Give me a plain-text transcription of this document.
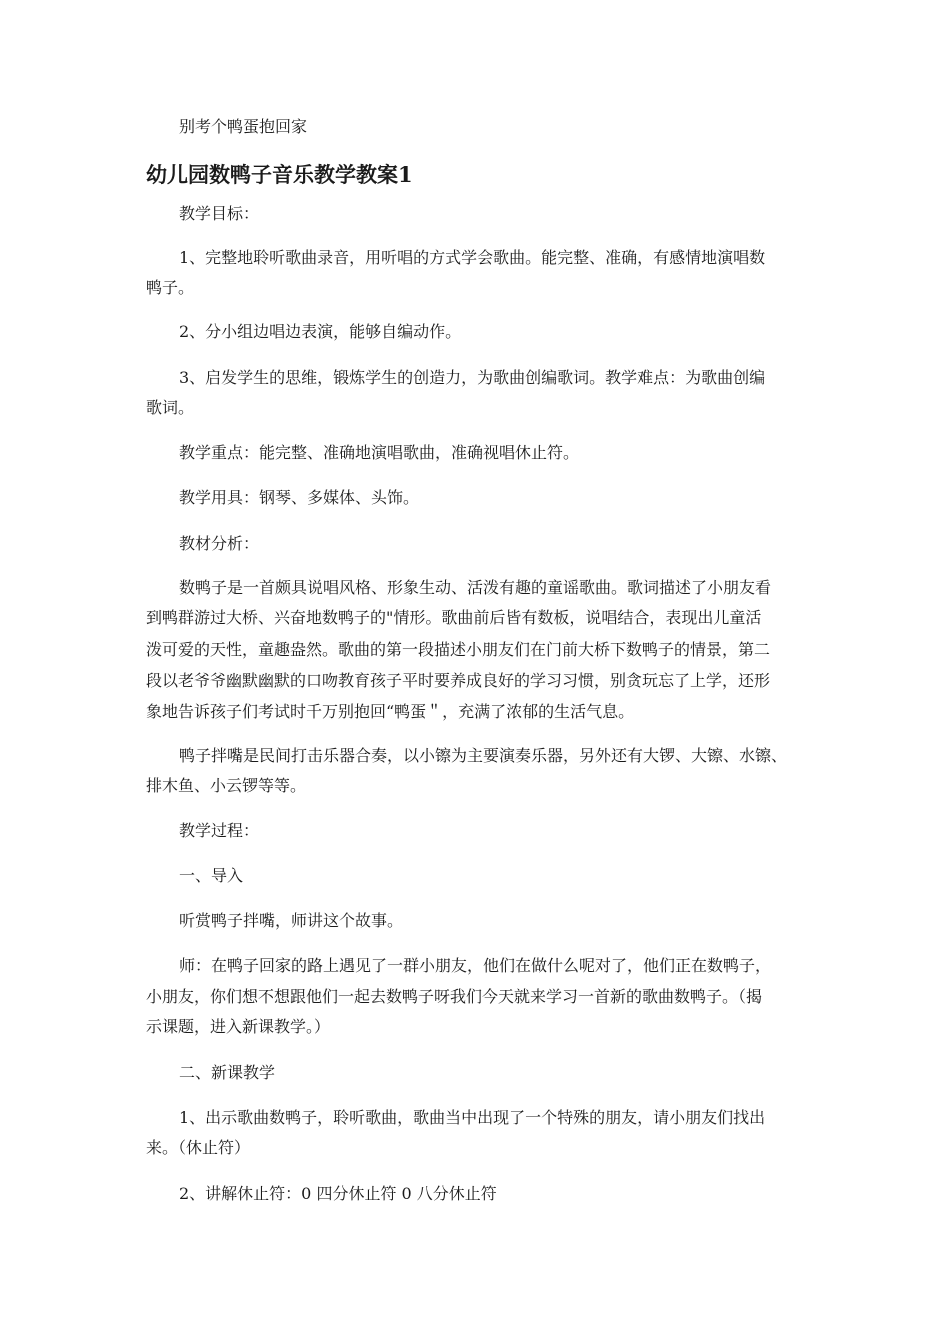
别考个鸭蛋抱回家

幼儿园数鸭子音乐教学教案1

教学目标：

1、完整地聆听歌曲录音，用听唱的方式学会歌曲。能完整、准确，有感情地演唱数

鸭子。

2、分小组边唱边表演，能够自编动作。

3、启发学生的思维，锻炼学生的创造力，为歌曲创编歌词。教学难点：为歌曲创编

歌词。

教学重点：能完整、准确地演唱歌曲，准确视唱休止符。

教学用具：钢琴、多媒体、头饰。

教材分析：

数鸭子是一首颇具说唱风格、形象生动、活泼有趣的童谣歌曲。歌词描述了小朋友看

到鸭群游过大桥、兴奋地数鸭子的"情形。歌曲前后皆有数板，说唱结合，表现出儿童活

泼可爱的天性，童趣盎然。歌曲的第一段描述小朋友们在门前大桥下数鸭子的情景，第二

段以老爷爷幽默幽默的口吻教育孩子平时要养成良好的学习习惯，别贪玩忘了上学，还形

象地告诉孩子们考试时千万别抱回“鸭蛋＂，充满了浓郁的生活气息。

鸭子拌嘴是民间打击乐器合奏，以小镲为主要演奏乐器，另外还有大锣、大镲、水镲、

排木鱼、小云锣等等。

教学过程：

一、导入

听赏鸭子拌嘴，师讲这个故事。

师：在鸭子回家的路上遇见了一群小朋友，他们在做什么呢对了，他们正在数鸭子，

小朋友，你们想不想跟他们一起去数鸭子呀我们今天就来学习一首新的歌曲数鸭子。（揭

示课题，进入新课教学。）

二、新课教学

1、出示歌曲数鸭子，聆听歌曲，歌曲当中出现了一个特殊的朋友，请小朋友们找出

来。（休止符）

2、讲解休止符：0 四分休止符 0 八分休止符
